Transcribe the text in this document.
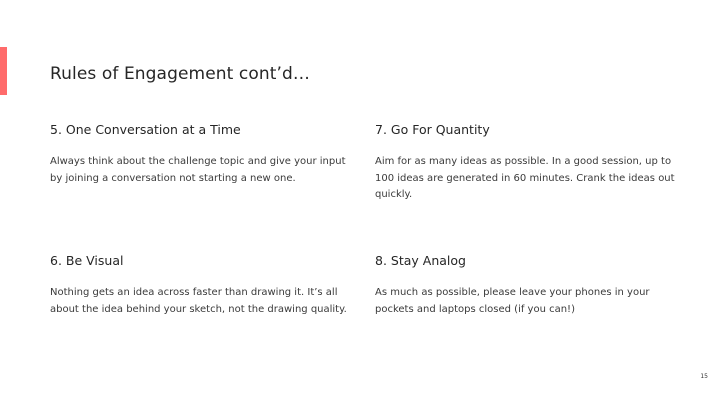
Rules of Engagement cont’d…
5. One Conversation at a Time
Always think about the challenge topic and give your input by joining a conversation not starting a new one.
7. Go For Quantity
Aim for as many ideas as possible. In a good session, up to 100 ideas are generated in 60 minutes. Crank the ideas out quickly.
6. Be Visual
Nothing gets an idea across faster than drawing it. It’s all about the idea behind your sketch, not the drawing quality.
8. Stay Analog
As much as possible, please leave your phones in your pockets and laptops closed (if you can!)
15
